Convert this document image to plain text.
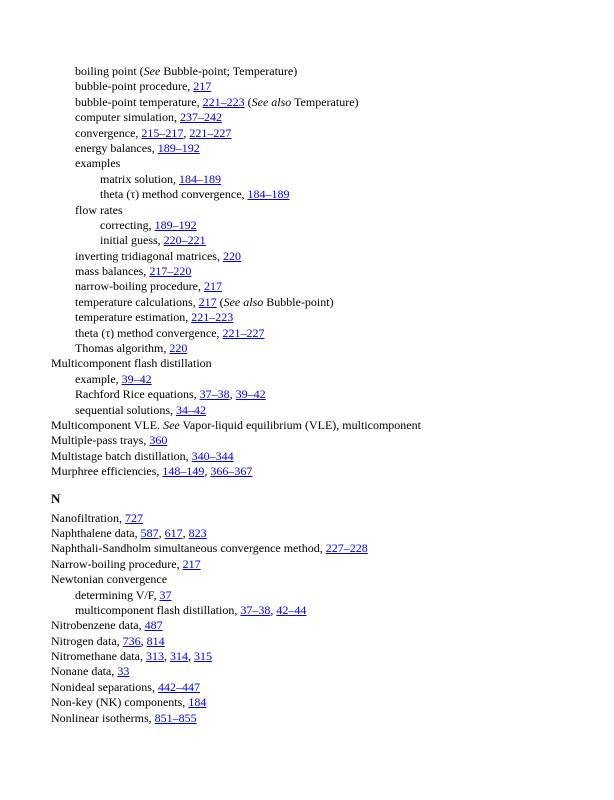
boiling point (See Bubble-point; Temperature)
bubble-point procedure, 217
bubble-point temperature, 221–223 (See also Temperature)
computer simulation, 237–242
convergence, 215–217, 221–227
energy balances, 189–192
examples
matrix solution, 184–189
theta (τ) method convergence, 184–189
flow rates
correcting, 189–192
initial guess, 220–221
inverting tridiagonal matrices, 220
mass balances, 217–220
narrow-boiling procedure, 217
temperature calculations, 217 (See also Bubble-point)
temperature estimation, 221–223
theta (τ) method convergence, 221–227
Thomas algorithm, 220
Multicomponent flash distillation
example, 39–42
Rachford Rice equations, 37–38, 39–42
sequential solutions, 34–42
Multicomponent VLE. See Vapor-liquid equilibrium (VLE), multicomponent
Multiple-pass trays, 360
Multistage batch distillation, 340–344
Murphree efficiencies, 148–149, 366–367
N
Nanofiltration, 727
Naphthalene data, 587, 617, 823
Naphthali-Sandholm simultaneous convergence method, 227–228
Narrow-boiling procedure, 217
Newtonian convergence
determining V/F, 37
multicomponent flash distillation, 37–38, 42–44
Nitrobenzene data, 487
Nitrogen data, 736, 814
Nitromethane data, 313, 314, 315
Nonane data, 33
Nonideal separations, 442–447
Non-key (NK) components, 184
Nonlinear isotherms, 851–855
